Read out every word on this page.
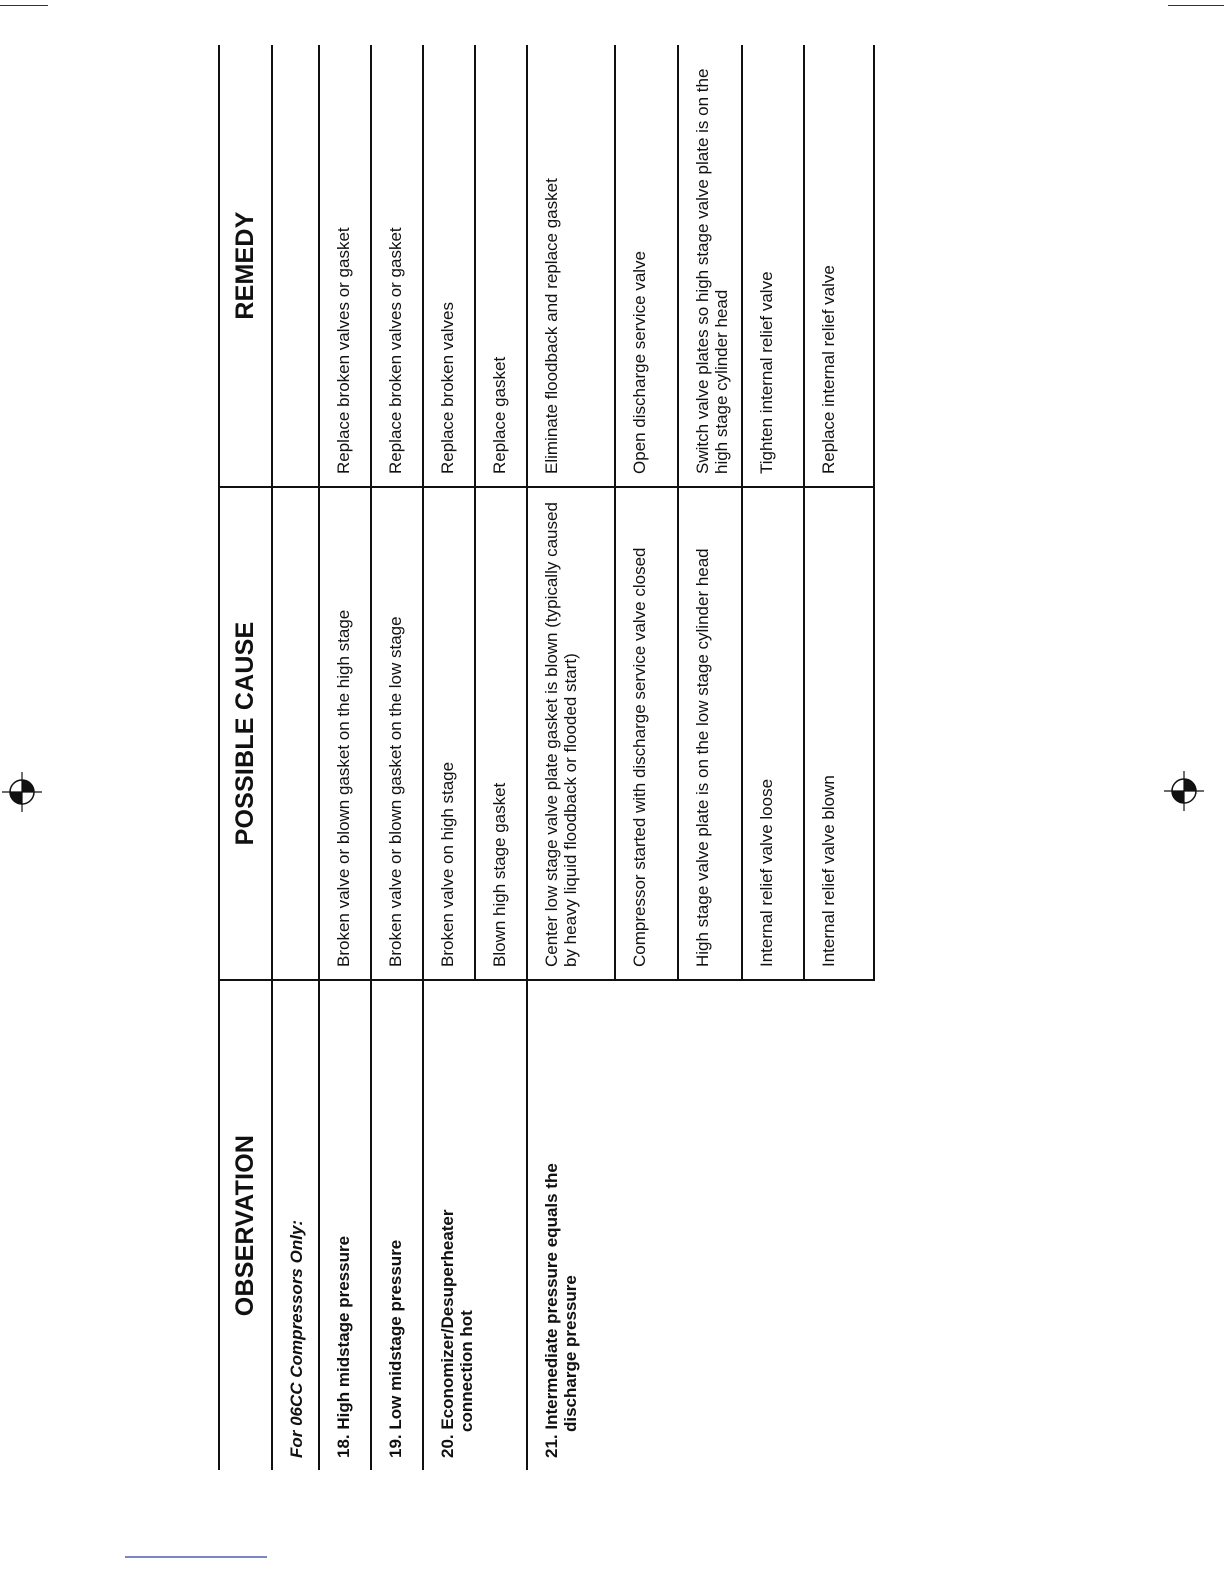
OBSERVATION	POSSIBLE CAUSE	REMEDY
For 06CC Compressors Only:		
18. High midstage pressure	Broken valve or blown gasket on the high stage	Replace broken valves or gasket
19. Low midstage pressure	Broken valve or blown gasket on the low stage	Replace broken valves or gasket
20. Economizer/Desuperheater connection hot	Broken valve on high stage	Replace broken valves
	Blown high stage gasket	Replace gasket
21. Intermediate pressure equals the discharge pressure	Center low stage valve plate gasket is blown (typically caused by heavy liquid floodback or flooded start)	Eliminate floodback and replace gasket
	Compressor started with discharge service valve closed	Open discharge service valve
	High stage valve plate is on the low stage cylinder head	Switch valve plates so high stage valve plate is on the high stage cylinder head
	Internal relief valve loose	Tighten internal relief valve
	Internal relief valve blown	Replace internal relief valve
